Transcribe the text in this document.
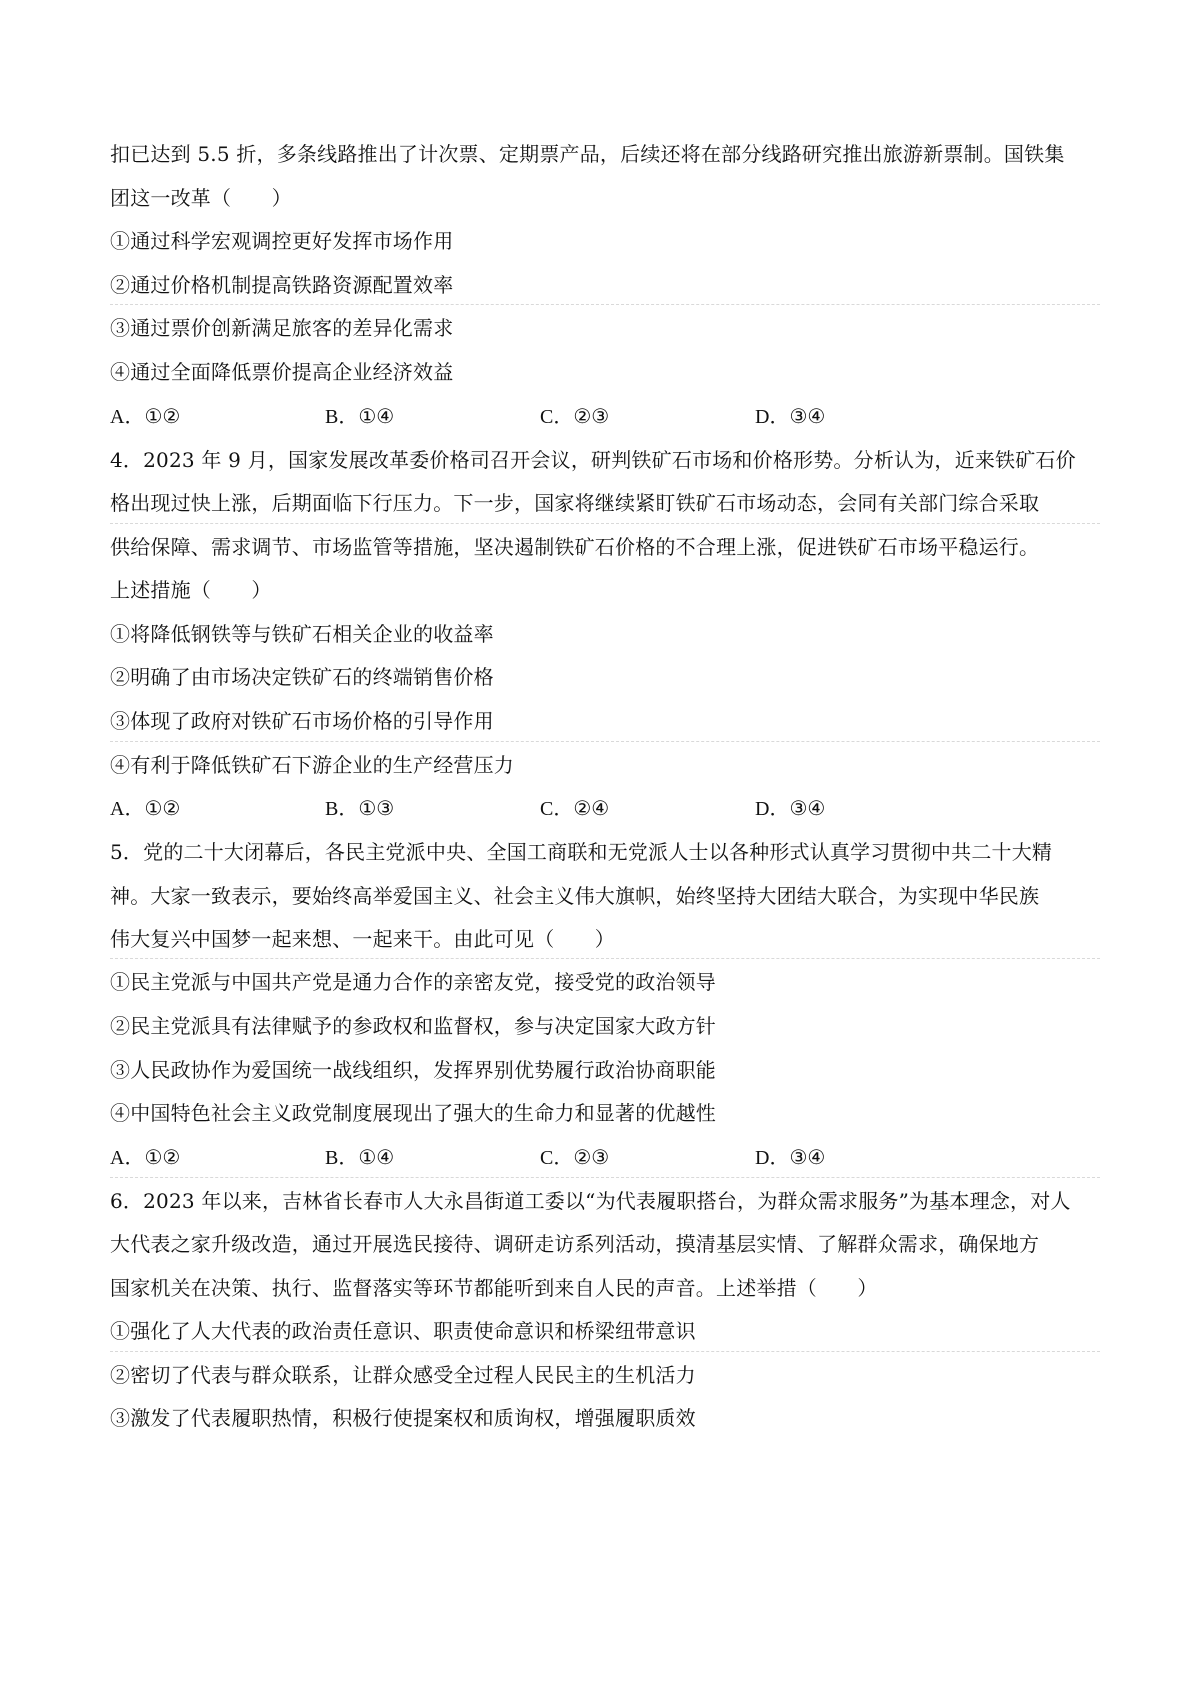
扣已达到 5.5 折，多条线路推出了计次票、定期票产品，后续还将在部分线路研究推出旅游新票制。国铁集
团这一改革（　　）
①通过科学宏观调控更好发挥市场作用
②通过价格机制提高铁路资源配置效率
③通过票价创新满足旅客的差异化需求
④通过全面降低票价提高企业经济效益
A．①②	B．①④	C．②③	D．③④
4．2023 年 9 月，国家发展改革委价格司召开会议，研判铁矿石市场和价格形势。分析认为，近来铁矿石价
格出现过快上涨，后期面临下行压力。下一步，国家将继续紧盯铁矿石市场动态，会同有关部门综合采取
供给保障、需求调节、市场监管等措施，坚决遏制铁矿石价格的不合理上涨，促进铁矿石市场平稳运行。
上述措施（　　）
①将降低钢铁等与铁矿石相关企业的收益率
②明确了由市场决定铁矿石的终端销售价格
③体现了政府对铁矿石市场价格的引导作用
④有利于降低铁矿石下游企业的生产经营压力
A．①②	B．①③	C．②④	D．③④
5．党的二十大闭幕后，各民主党派中央、全国工商联和无党派人士以各种形式认真学习贯彻中共二十大精
神。大家一致表示，要始终高举爱国主义、社会主义伟大旗帜，始终坚持大团结大联合，为实现中华民族
伟大复兴中国梦一起来想、一起来干。由此可见（　　）
①民主党派与中国共产党是通力合作的亲密友党，接受党的政治领导
②民主党派具有法律赋予的参政权和监督权，参与决定国家大政方针
③人民政协作为爱国统一战线组织，发挥界别优势履行政治协商职能
④中国特色社会主义政党制度展现出了强大的生命力和显著的优越性
A．①②	B．①④	C．②③	D．③④
6．2023 年以来，吉林省长春市人大永昌街道工委以“为代表履职搭台，为群众需求服务”为基本理念，对人
大代表之家升级改造，通过开展选民接待、调研走访系列活动，摸清基层实情、了解群众需求，确保地方
国家机关在决策、执行、监督落实等环节都能听到来自人民的声音。上述举措（　　）
①强化了人大代表的政治责任意识、职责使命意识和桥梁纽带意识
②密切了代表与群众联系，让群众感受全过程人民民主的生机活力
③激发了代表履职热情，积极行使提案权和质询权，增强履职质效
